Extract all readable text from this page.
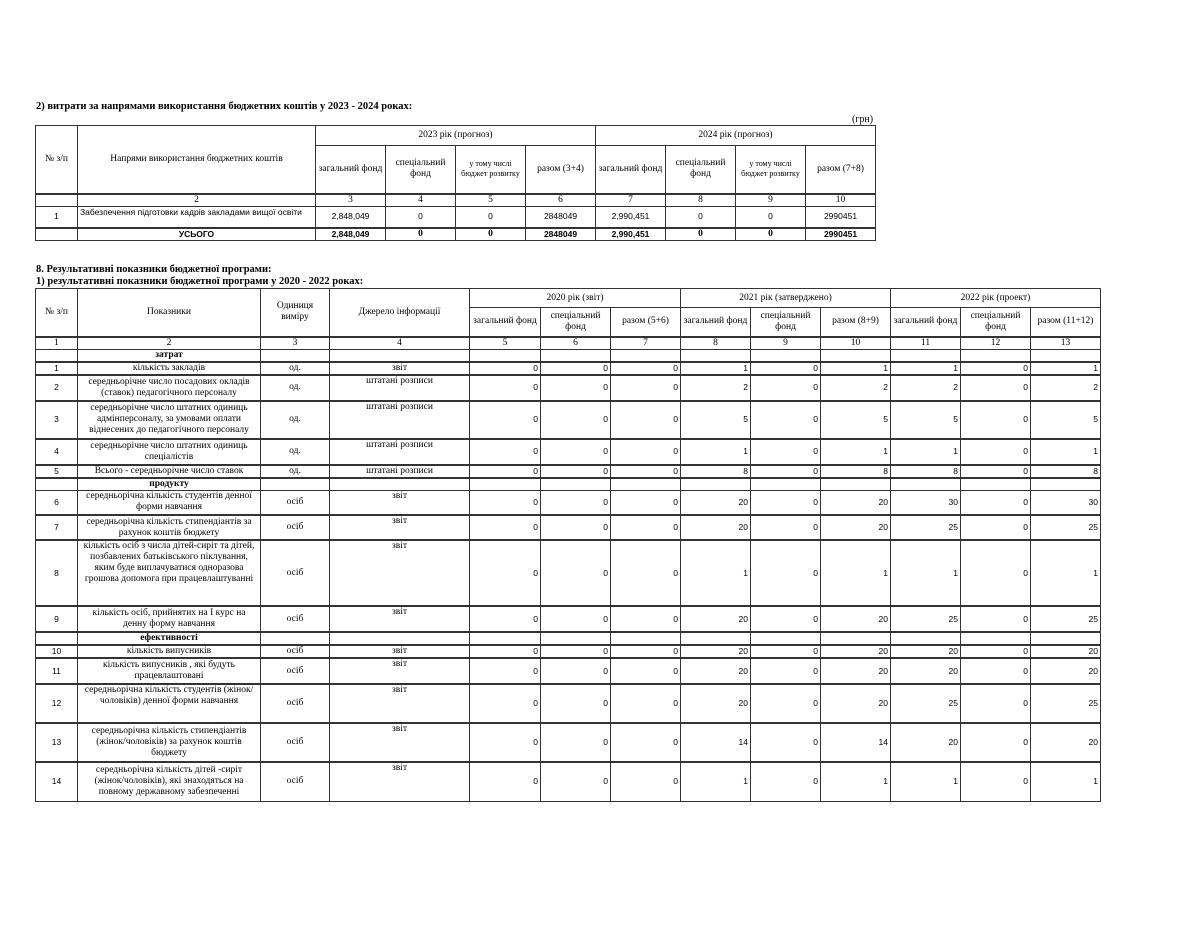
2) витрати за напрямами використання бюджетних коштів у 2023 - 2024 роках:
(грн)
№ з/п	Напрями використання бюджетних коштів	2023 рік (прогноз)				2024 рік (прогноз)			
		загальний фонд	спеціальний фонд	у тому числі бюджет розвитку	разом (3+4)	загальний фонд	спеціальний фонд	у тому числі бюджет розвитку	разом (7+8)
	2	3	4	5	6	7	8	9	10
1	Забезпечення підготовки кадрів закладами вищої освіти	2,848,049	0	0	2848049	2,990,451	0	0	2990451
	УСЬОГО	2,848,049	0	0	2848049	2,990,451	0	0	2990451
8. Результативні показники бюджетної програми:
1) результативні показники бюджетної програми у 2020 - 2022 роках:
№ з/п	Показники	Одиниця виміру	Джерело інформації	2020 рік (звіт)			2021 рік (затверджено)			2022 рік (проект)		
				загальний фонд	спеціальний фонд	разом (5+6)	загальний фонд	спеціальний фонд	разом (8+9)	загальний фонд	спеціальний фонд	разом (11+12)
1	2	3	4	5	6	7	8	9	10	11	12	13
	затрат											
1	кількість закладів	од.	звіт	0	0	0	1	0	1	1	0	1
2	середньорічне число посадових окладів (ставок) педагогічного персоналу	од.	штатані розписи	0	0	0	2	0	2	2	0	2
3	середньорічне число штатних одиниць адмінперсоналу, за умовами оплати віднесених до педагогічного персоналу	од.	штатані розписи	0	0	0	5	0	5	5	0	5
4	середньорічне число штатних одиниць спеціалістів	од.	штатані розписи	0	0	0	1	0	1	1	0	1
5	Всього - середньорічне число ставок	од.	штатані розписи	0	0	0	8	0	8	8	0	8
	продукту											
6	середньорічна кількість студентів денної форми навчання	осіб	звіт	0	0	0	20	0	20	30	0	30
7	середньорічна кількість стипендіантів за рахунок коштів бюджету	осіб	звіт	0	0	0	20	0	20	25	0	25
8	кількість осіб з числа дітей-сиріт та дітей, позбавлених батьківського піклування, яким буде виплачуватися одноразова грошова допомога при працевлаштуванні	осіб	звіт	0	0	0	1	0	1	1	0	1
9	кількість осіб, прийнятих на І курс на денну форму навчання	осіб	звіт	0	0	0	20	0	20	25	0	25
	ефективності											
10	кількість випусників	осіб	звіт	0	0	0	20	0	20	20	0	20
11	кількість випусників , які будуть працевлаштовані	осіб	звіт	0	0	0	20	0	20	20	0	20
12	середньорічна кількість студентів (жінок/чоловіків) денної форми навчання	осіб	звіт	0	0	0	20	0	20	25	0	25
13	середньорічна кількість стипендіантів (жінок/чоловіків) за рахунок коштів бюджету	осіб	звіт	0	0	0	14	0	14	20	0	20
14	середньорічна кількість дітей -сиріт (жінок/чоловіків), які знаходяться на повному державному забезпеченні	осіб	звіт	0	0	0	1	0	1	1	0	1
